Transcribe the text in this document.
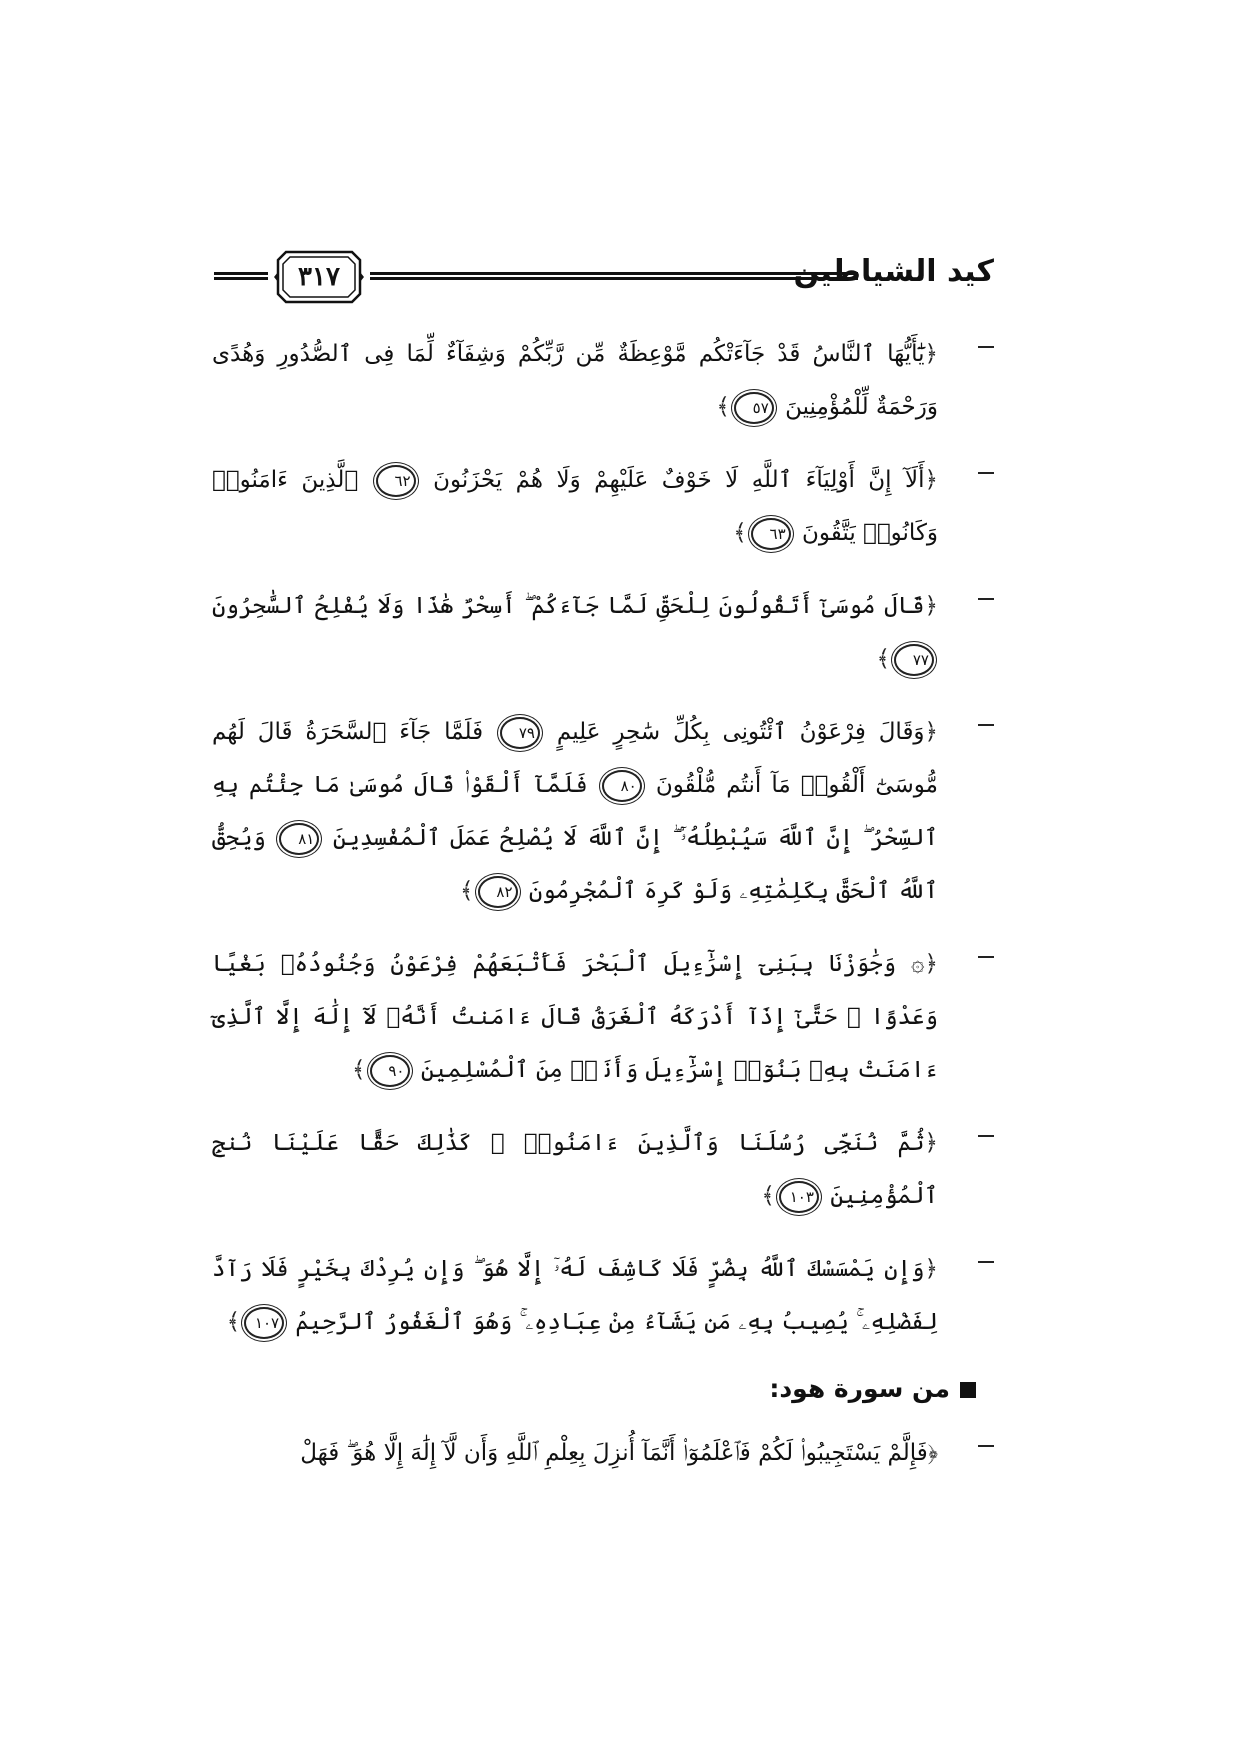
٣١٧	كيد الشياطين
﴿يَٰٓأَيُّهَا ٱلنَّاسُ قَدْ جَآءَتْكُم مَّوْعِظَةٌ مِّن رَّبِّكُمْ وَشِفَآءٌ لِّمَا فِى ٱلصُّدُورِ وَهُدًى وَرَحْمَةٌ لِّلْمُؤْمِنِينَ ٥٧﴾
﴿أَلَآ إِنَّ أَوْلِيَآءَ ٱللَّهِ لَا خَوْفٌ عَلَيْهِمْ وَلَا هُمْ يَحْزَنُونَ ٦٢ ٱلَّذِينَ ءَامَنُوا۟ وَكَانُوا۟ يَتَّقُونَ ٦٣﴾
﴿قَالَ مُوسَىٰٓ أَتَقُولُونَ لِلْحَقِّ لَمَّا جَآءَكُمْ ۖ أَسِحْرٌ هَٰذَا وَلَا يُفْلِحُ ٱلسَّٰحِرُونَ ٧٧﴾
﴿وَقَالَ فِرْعَوْنُ ٱئْتُونِى بِكُلِّ سَٰحِرٍ عَلِيمٍ ٧٩ فَلَمَّا جَآءَ ٱلسَّحَرَةُ قَالَ لَهُم مُّوسَىٰٓ أَلْقُوا۟ مَآ أَنتُم مُّلْقُونَ ٨٠ فَلَمَّآ أَلْقَوْا۟ قَالَ مُوسَىٰ مَا جِئْتُم بِهِ ٱلسِّحْرُ ۖ إِنَّ ٱللَّهَ سَيُبْطِلُهُۥٓ ۖ إِنَّ ٱللَّهَ لَا يُصْلِحُ عَمَلَ ٱلْمُفْسِدِينَ ٨١ وَيُحِقُّ ٱللَّهُ ٱلْحَقَّ بِكَلِمَٰتِهِۦ وَلَوْ كَرِهَ ٱلْمُجْرِمُونَ ٨٢﴾
﴿۞ وَجَٰوَزْنَا بِبَنِىٓ إِسْرَٰٓءِيلَ ٱلْبَحْرَ فَأَتْبَعَهُمْ فِرْعَوْنُ وَجُنُودُهُۥ بَغْيًا وَعَدْوًا ۖ حَتَّىٰٓ إِذَآ أَدْرَكَهُ ٱلْغَرَقُ قَالَ ءَامَنتُ أَنَّهُۥ لَآ إِلَٰهَ إِلَّا ٱلَّذِىٓ ءَامَنَتْ بِهِۦ بَنُوٓا۟ إِسْرَٰٓءِيلَ وَأَنَا۠ مِنَ ٱلْمُسْلِمِينَ ٩٠﴾
﴿ثُمَّ نُنَجِّى رُسُلَنَا وَٱلَّذِينَ ءَامَنُوا۟ ۚ كَذَٰلِكَ حَقًّا عَلَيْنَا نُنجِ ٱلْمُؤْمِنِينَ ١٠٣﴾
﴿وَإِن يَمْسَسْكَ ٱللَّهُ بِضُرٍّ فَلَا كَاشِفَ لَهُۥٓ إِلَّا هُوَ ۖ وَإِن يُرِدْكَ بِخَيْرٍ فَلَا رَآدَّ لِفَضْلِهِۦ ۚ يُصِيبُ بِهِۦ مَن يَشَآءُ مِنْ عِبَادِهِۦ ۚ وَهُوَ ٱلْغَفُورُ ٱلرَّحِيمُ ١٠٧﴾
من سورة هود:
﴿فَإِلَّمْ يَسْتَجِيبُوا۟ لَكُمْ فَٱعْلَمُوٓا۟ أَنَّمَآ أُنزِلَ بِعِلْمِ ٱللَّهِ وَأَن لَّآ إِلَٰهَ إِلَّا هُوَ ۖ فَهَلْ
